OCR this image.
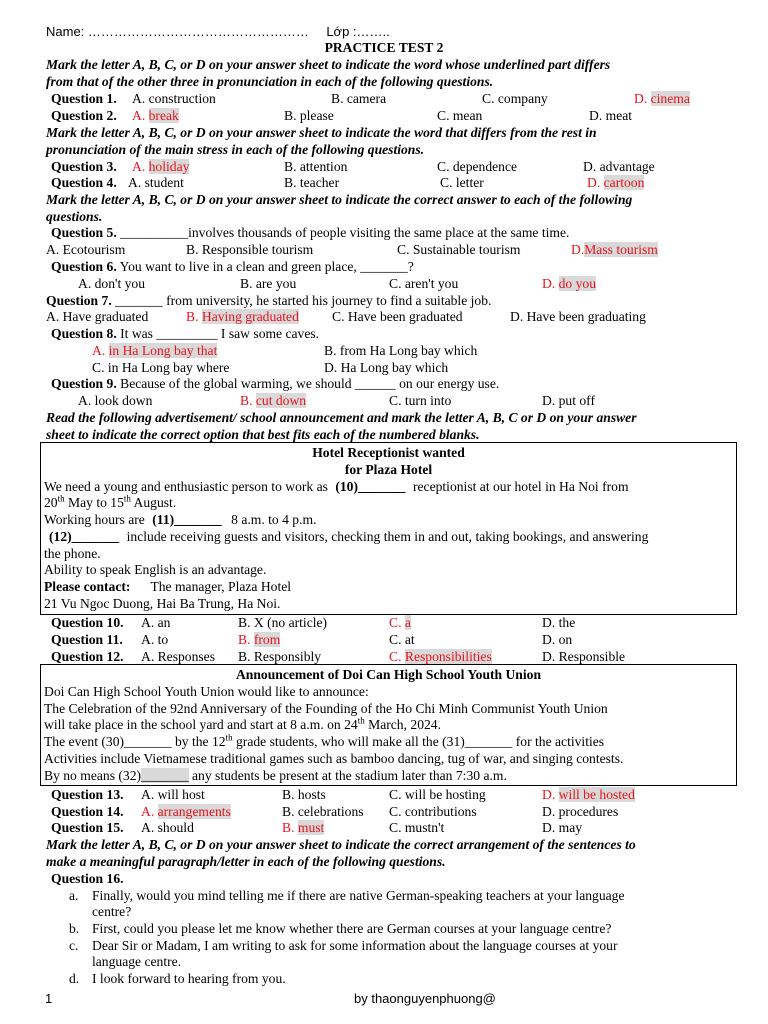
Name: …………………………………………… Lớp :……..
PRACTICE TEST 2
Mark the letter A, B, C, or D on your answer sheet to indicate the word whose underlined part differs
from that of the other three in pronunciation in each of the following questions.
Question 1. A. construction	B. camera	C. company	D. cinema
Question 2. A. break	B. please	C. mean	D. meat
Mark the letter A, B, C, or D on your answer sheet to indicate the word that differs from the rest in
pronunciation of the main stress in each of the following questions.
Question 3. A. holiday	B. attention	C. dependence	D. advantage
Question 4. A. student	B. teacher	C. letter	D. cartoon
Mark the letter A, B, C, or D on your answer sheet to indicate the correct answer to each of the following
questions.
Question 5. __________involves thousands of people visiting the same place at the same time.
A. Ecotourism	B. Responsible tourism	C. Sustainable tourism	D.Mass tourism
Question 6. You want to live in a clean and green place, _______?
A. don't you	B. are you	C. aren't you	D. do you
Question 7. _______ from university, he started his journey to find a suitable job.
A. Have graduated	B. Having graduated C. Have been graduated	D. Have been graduating
Question 8. It was _________ I saw some caves.
A. in Ha Long bay that	B. from Ha Long bay which
C. in Ha Long bay where	D. Ha Long bay which
Question 9. Because of the global warming, we should ______ on our energy use.
A. look down	B. cut down	C. turn into	D. put off
Read the following advertisement/ school announcement and mark the letter A, B, C or D on your answer
sheet to indicate the correct option that best fits each of the numbered blanks.
Hotel Receptionist wanted
for Plaza Hotel
We need a young and enthusiastic person to work as (10)_______ receptionist at our hotel in Ha Noi from
20th May to 15th August.
Working hours are (11)_______ 8 a.m. to 4 p.m.
(12)_______ include receiving guests and visitors, checking them in and out, taking bookings, and answering
the phone.
Ability to speak English is an advantage.
Please contact: The manager, Plaza Hotel
21 Vu Ngoc Duong, Hai Ba Trung, Ha Noi.
Question 10. A. an	B. X (no article)	C. a	D. the
Question 11. A. to	B. from	C. at	D. on
Question 12. A. Responses B. Responsibly	C. Responsibilities	D. Responsible
Announcement of Doi Can High School Youth Union
Doi Can High School Youth Union would like to announce:
The Celebration of the 92nd Anniversary of the Founding of the Ho Chi Minh Communist Youth Union
will take place in the school yard and start at 8 a.m. on 24th March, 2024.
The event (30)_______ by the 12th grade students, who will make all the (31)_______ for the activities
Activities include Vietnamese traditional games such as bamboo dancing, tug of war, and singing contests.
By no means (32)_______ any students be present at the stadium later than 7:30 a.m.
Question 13. A. will host	B. hosts	C. will be hosting	D. will be hosted
Question 14. A. arrangements	B. celebrations C. contributions	D. procedures
Question 15. A. should	B. must	C. mustn't	D. may
Mark the letter A, B, C, or D on your answer sheet to indicate the correct arrangement of the sentences to
make a meaningful paragraph/letter in each of the following questions.
Question 16.
a. Finally, would you mind telling me if there are native German-speaking teachers at your language
centre?
b. First, could you please let me know whether there are German courses at your language centre?
c. Dear Sir or Madam, I am writing to ask for some information about the language courses at your
language centre.
d. I look forward to hearing from you.
1	by thaonguyenphuong@
